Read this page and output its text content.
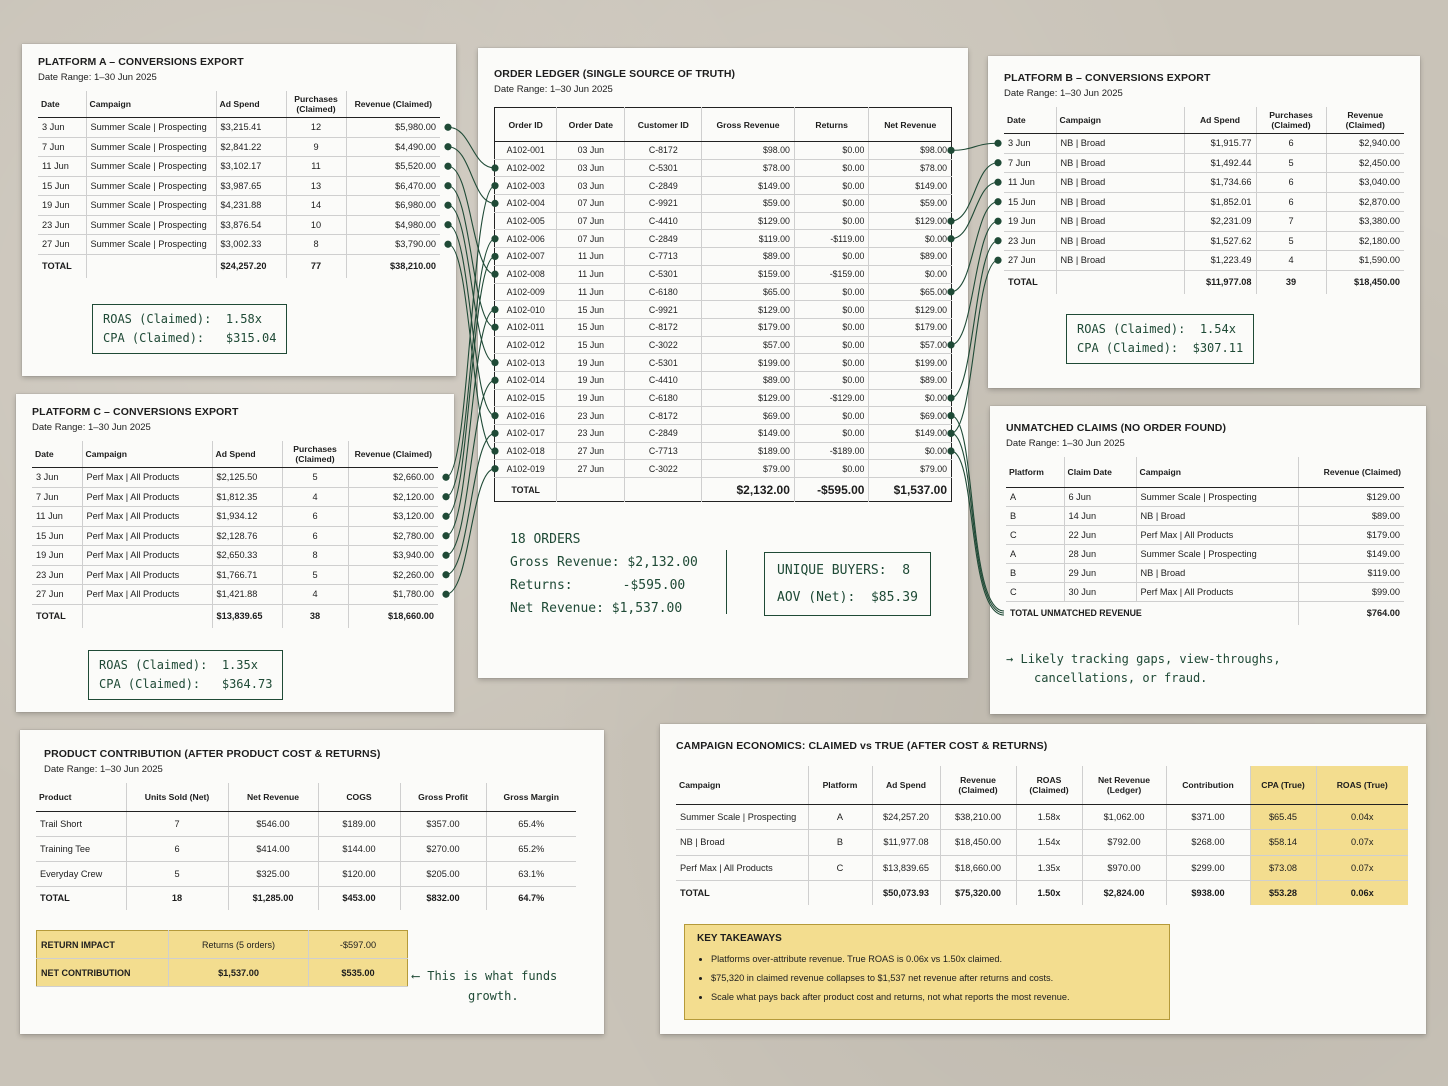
PLATFORM A – CONVERSIONS EXPORT
Date Range: 1–30 Jun 2025
Date	Campaign	Ad Spend	Purchases (Claimed)	Revenue (Claimed)
3 Jun	Summer Scale | Prospecting	$3,215.41	12	$5,980.00
7 Jun	Summer Scale | Prospecting	$2,841.22	9	$4,490.00
11 Jun	Summer Scale | Prospecting	$3,102.17	11	$5,520.00
15 Jun	Summer Scale | Prospecting	$3,987.65	13	$6,470.00
19 Jun	Summer Scale | Prospecting	$4,231.88	14	$6,980.00
23 Jun	Summer Scale | Prospecting	$3,876.54	10	$4,980.00
27 Jun	Summer Scale | Prospecting	$3,002.33	8	$3,790.00
TOTAL		$24,257.20	77	$38,210.00
ROAS (Claimed): 1.58x
CPA (Claimed): $315.04
PLATFORM C – CONVERSIONS EXPORT
Date Range: 1–30 Jun 2025
Date	Campaign	Ad Spend	Purchases (Claimed)	Revenue (Claimed)
3 Jun	Perf Max | All Products	$2,125.50	5	$2,660.00
7 Jun	Perf Max | All Products	$1,812.35	4	$2,120.00
11 Jun	Perf Max | All Products	$1,934.12	6	$3,120.00
15 Jun	Perf Max | All Products	$2,128.76	6	$2,780.00
19 Jun	Perf Max | All Products	$2,650.33	8	$3,940.00
23 Jun	Perf Max | All Products	$1,766.71	5	$2,260.00
27 Jun	Perf Max | All Products	$1,421.88	4	$1,780.00
TOTAL		$13,839.65	38	$18,660.00
ROAS (Claimed): 1.35x
CPA (Claimed): $364.73
ORDER LEDGER (SINGLE SOURCE OF TRUTH)
Date Range: 1–30 Jun 2025
Order ID	Order Date	Customer ID	Gross Revenue	Returns	Net Revenue
A102-001	03 Jun	C-8172	$98.00	$0.00	$98.00
A102-002	03 Jun	C-5301	$78.00	$0.00	$78.00
A102-003	03 Jun	C-2849	$149.00	$0.00	$149.00
A102-004	07 Jun	C-9921	$59.00	$0.00	$59.00
A102-005	07 Jun	C-4410	$129.00	$0.00	$129.00
A102-006	07 Jun	C-2849	$119.00	-$119.00	$0.00
A102-007	11 Jun	C-7713	$89.00	$0.00	$89.00
A102-008	11 Jun	C-5301	$159.00	-$159.00	$0.00
A102-009	11 Jun	C-6180	$65.00	$0.00	$65.00
A102-010	15 Jun	C-9921	$129.00	$0.00	$129.00
A102-011	15 Jun	C-8172	$179.00	$0.00	$179.00
A102-012	15 Jun	C-3022	$57.00	$0.00	$57.00
A102-013	19 Jun	C-5301	$199.00	$0.00	$199.00
A102-014	19 Jun	C-4410	$89.00	$0.00	$89.00
A102-015	19 Jun	C-6180	$129.00	-$129.00	$0.00
A102-016	23 Jun	C-8172	$69.00	$0.00	$69.00
A102-017	23 Jun	C-2849	$149.00	$0.00	$149.00
A102-018	27 Jun	C-7713	$189.00	-$189.00	$0.00
A102-019	27 Jun	C-3022	$79.00	$0.00	$79.00
TOTAL			$2,132.00	-$595.00	$1,537.00
18 ORDERS
Gross Revenue: $2,132.00
Returns:	-$595.00
Net Revenue: $1,537.00
UNIQUE BUYERS: 8
AOV (Net): $85.39
PLATFORM B – CONVERSIONS EXPORT
Date Range: 1–30 Jun 2025
Date	Campaign	Ad Spend	Purchases (Claimed)	Revenue (Claimed)
3 Jun	NB | Broad	$1,915.77	6	$2,940.00
7 Jun	NB | Broad	$1,492.44	5	$2,450.00
11 Jun	NB | Broad	$1,734.66	6	$3,040.00
15 Jun	NB | Broad	$1,852.01	6	$2,870.00
19 Jun	NB | Broad	$2,231.09	7	$3,380.00
23 Jun	NB | Broad	$1,527.62	5	$2,180.00
27 Jun	NB | Broad	$1,223.49	4	$1,590.00
TOTAL		$11,977.08	39	$18,450.00
ROAS (Claimed): 1.54x
CPA (Claimed): $307.11
UNMATCHED CLAIMS (NO ORDER FOUND)
Date Range: 1–30 Jun 2025
Platform	Claim Date	Campaign	Revenue (Claimed)
A	6 Jun	Summer Scale | Prospecting	$129.00
B	14 Jun	NB | Broad	$89.00
C	22 Jun	Perf Max | All Products	$179.00
A	28 Jun	Summer Scale | Prospecting	$149.00
B	29 Jun	NB | Broad	$119.00
C	30 Jun	Perf Max | All Products	$99.00
TOTAL UNMATCHED REVENUE			$764.00
→ Likely tracking gaps, view-throughs,
cancellations, or fraud.
PRODUCT CONTRIBUTION (AFTER PRODUCT COST & RETURNS)
Date Range: 1–30 Jun 2025
Product	Units Sold (Net)	Net Revenue	COGS	Gross Profit	Gross Margin
Trail Short	7	$546.00	$189.00	$357.00	65.4%
Training Tee	6	$414.00	$144.00	$270.00	65.2%
Everyday Crew	5	$325.00	$120.00	$205.00	63.1%
TOTAL	18	$1,285.00	$453.00	$832.00	64.7%
RETURN IMPACT	Returns (5 orders)	-$597.00
NET CONTRIBUTION	$1,537.00	$535.00	⟵ This is what funds
growth.
CAMPAIGN ECONOMICS: CLAIMED vs TRUE (AFTER COST & RETURNS)
Campaign	Platform	Ad Spend	Revenue (Claimed)	ROAS (Claimed)	Net Revenue (Ledger)	Contribution	CPA (True)	ROAS (True)
Summer Scale | Prospecting	A	$24,257.20	$38,210.00	1.58x	$1,062.00	$371.00	$65.45	0.04x
NB | Broad	B	$11,977.08	$18,450.00	1.54x	$792.00	$268.00	$58.14	0.07x
Perf Max | All Products	C	$13,839.65	$18,660.00	1.35x	$970.00	$299.00	$73.08	0.07x
TOTAL		$50,073.93	$75,320.00	1.50x	$2,824.00	$938.00	$53.28	0.06x
KEY TAKEAWAYS
• Platforms over-attribute revenue. True ROAS is 0.06x vs 1.50x claimed.
• $75,320 in claimed revenue collapses to $1,537 net revenue after returns and costs.
• Scale what pays back after product cost and returns, not what reports the most revenue.
